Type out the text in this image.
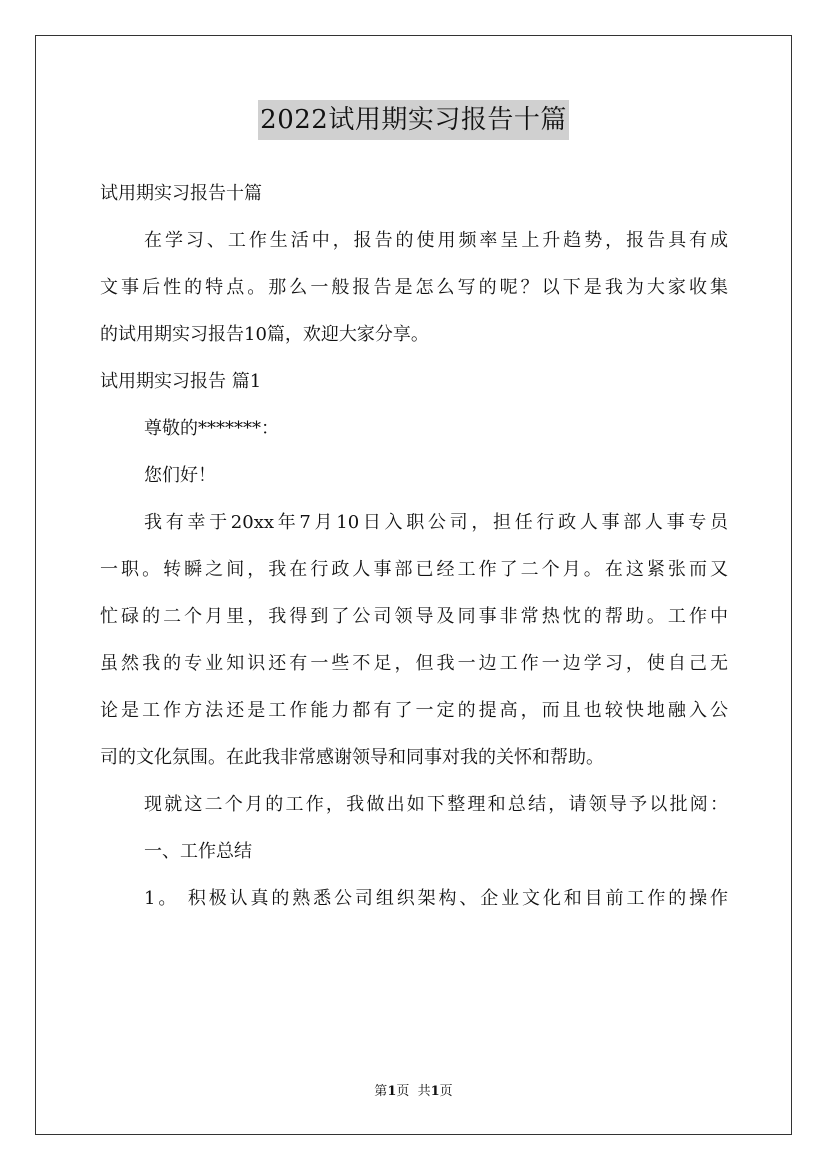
2022试用期实习报告十篇
试用期实习报告十篇
在学习、工作生活中，报告的使用频率呈上升趋势，报告具有成
文事后性的特点。那么一般报告是怎么写的呢？以下是我为大家收集
的试用期实习报告10篇，欢迎大家分享。
试用期实习报告 篇1
尊敬的*******：
您们好！
我有幸于20xx年7月10日入职公司，担任行政人事部人事专员
一职。转瞬之间，我在行政人事部已经工作了二个月。在这紧张而又
忙碌的二个月里，我得到了公司领导及同事非常热忱的帮助。工作中
虽然我的专业知识还有一些不足，但我一边工作一边学习，使自己无
论是工作方法还是工作能力都有了一定的提高，而且也较快地融入公
司的文化氛围。在此我非常感谢领导和同事对我的关怀和帮助。
现就这二个月的工作，我做出如下整理和总结，请领导予以批阅：
一、工作总结
1。 积极认真的熟悉公司组织架构、企业文化和目前工作的操作
第1页  共1页
